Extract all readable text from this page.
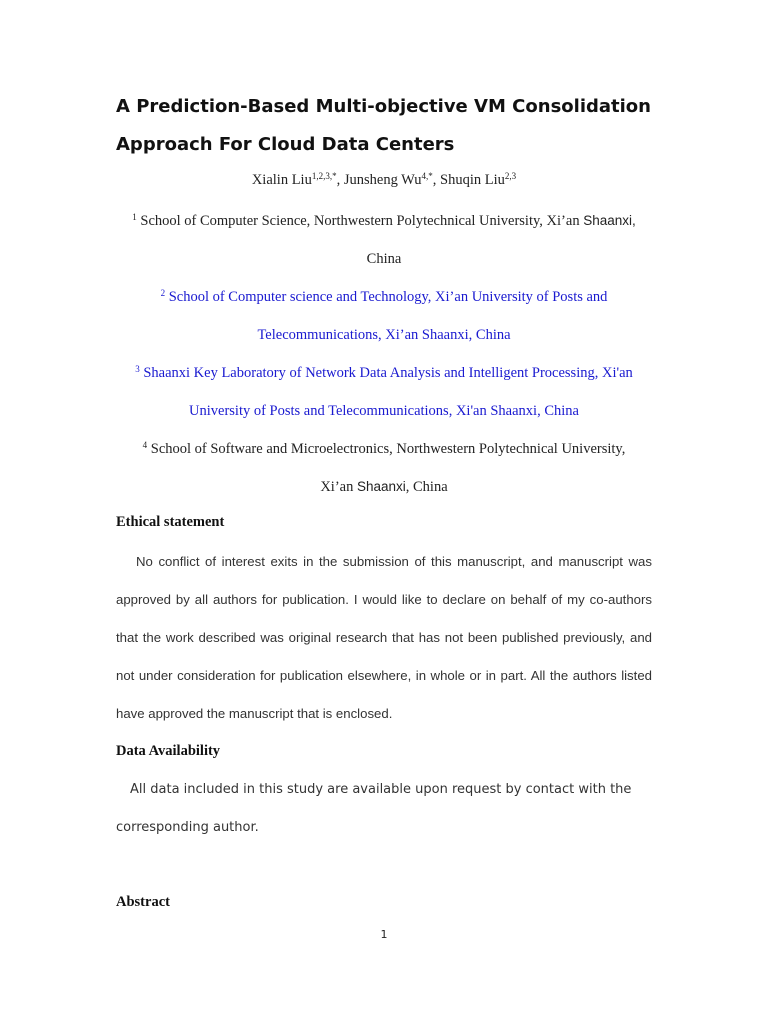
A Prediction-Based Multi-objective VM Consolidation
Approach For Cloud Data Centers
Xialin Liu$^{1,2,3,*}$, Junsheng $Wu^{4,*}$, Shuqin Liu$^{2,3}$
$^1$ School of Computer Science, Northwestern Polytechnical University, Xi’an Shaanxi,
China
$^2$ School of Computer science and Technology, Xi’an University of Posts and
Telecommunications, Xi’an Shaanxi, China
$^3$ Shaanxi Key Laboratory of Network Data Analysis and Intelligent Processing, Xi'an
University of Posts and Telecommunications, Xi'an Shaanxi, China
$^4$ School of Software and Microelectronics, Northwestern Polytechnical University,
Xi’an Shaanxi, China
Ethical statement

No conflict of interest exits in the submission of this manuscript, and manuscript was approved by all authors for publication. I would like to declare on behalf of my co-authors that the work described was original research that has not been published previously, and not under consideration for publication elsewhere, in whole or in part. All the authors listed have approved the manuscript that is enclosed.

Data Availability

All data included in this study are available upon request by contact with the corresponding author.

Abstract
1
